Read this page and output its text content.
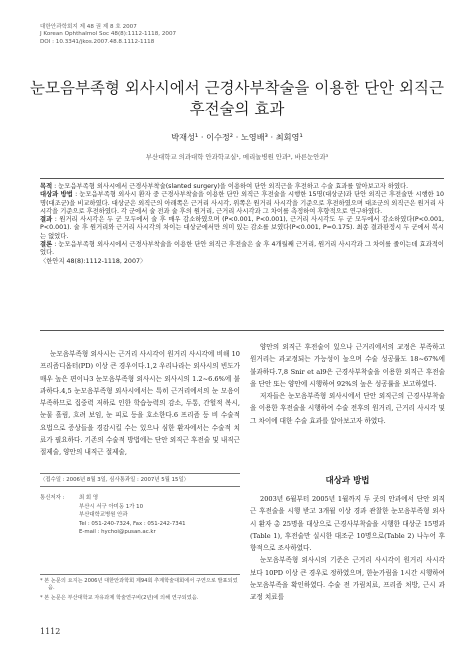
대한안과학회지 제 48 권 제 8 호 2007
J Korean Ophthalmol Soc 48(8):1112-1118, 2007
DOI : 10.3341/jkos.2007.48.8.1112-1118
눈모음부족형 외사시에서 근경사부착술을 이용한 단안 외직근
후전술의 효과
박재성¹ · 이수정² · 노영배³ · 최회영¹
부산대학교 의과대학 안과학교실¹, 메리놀병원 안과², 바른눈안과³

목적 : 눈모음부족형 외사시에서 근경사부착술(slanted surgery)을 이용하여 단안 외직근을 후전하고 수술 효과를 알아보고자 하였다.

대상과 방법 : 눈모음부족형 외사시 환자 중 근경사부착술을 이용한 단안 외직근 후전술을 시행한 15명(대상군)과 단안 외직근 후전술만 시행한 10명(대조군)을 비교하였다. 대상군은 외직근의 아래쪽은 근거리 사시각, 위쪽은 원거리 사시각을 기준으로 후전하였으며 대조군의 외직근은 원거리 사시각을 기준으로 후전하였다. 각 군에서 술 전과 술 후의 원거리, 근거리 사시각과 그 차이를 측정하여 후향적으로 연구하였다.

결과 : 원거리 사시각은 두 군 모두에서 술 후 매우 감소하였으며 (P<0.001, P<0.001), 근거리 사시각도 두 군 모두에서 감소하였다(P<0.001, P<0.001). 술 후 원거리와 근거리 사시각의 차이는 대상군에서만 의미 있는 감소를 보였다(P<0.001, P=0.175). 최종 결과판정시 두 군에서 복시는 없었다.

결론 : 눈모음부족형 외사시에서 근경사부착술을 이용한 단안 외직근 후전술은 술 후 4개월째 근거리, 원거리 사시각과 그 차이를 줄이는데 효과적이었다.

〈한안지 48(8):1112-1118, 2007〉

눈모음부족형 외사시는 근거리 사시각이 원거리 사시각에 비해 10프리즘디옵터(PD) 이상 큰 경우이다.1,2 우리나라는 외사시의 빈도가 매우 높은 편이나3 눈모음부족형 외사시는 외사시의 1.2~6.6%에 불과하다.4,5 눈모음부족형 외사시에서는 특히 근거리에서의 눈 모음이 부족하므로 집중력 저하로 인한 학습능력의 감소, 두통, 간헐적 복시, 눈물 흘림, 흐려 보임, 눈 피로 등을 호소한다.6 프리즘 등 비 수술적 요법으로 증상들을 경감시킬 수는 있으나 심한 환자에서는 수술적 치료가 필요하다. 기존의 수술적 방법에는 단안 외직근 후전술 및 내직근 절제술, 양안의 내직근 절제술,

양안의 외직근 후전술이 있으나 근거리에서의 교정은 부족하고 원거리는 과교정되는 가능성이 높으며 수술 성공률도 18~67%에 불과하다.7,8 Snir et al9은 근경사부착술을 이용한 외직근 후전술을 단안 또는 양안에 시행하여 92%의 높은 성공률을 보고하였다.

저자들은 눈모음부족형 외사시에서 단안 외직근의 근경사부착술을 이용한 후전술을 시행하여 수술 전후의 원거리, 근거리 사시각 및 그 차이에 대한 수술 효과를 알아보고자 하였다.

대상과 방법

2003년 6월부터 2005년 1월까지 두 곳의 안과에서 단안 외직근 후전술을 시행 받고 3개월 이상 경과 관찰한 눈모음부족형 외사시 환자 총 25명을 대상으로 근경사부착술을 시행한 대상군 15명과(Table 1), 후전술만 실시한 대조군 10명으로(Table 2) 나누어 후향적으로 조사하였다.

눈모음부족형 외사시의 기준은 근거리 사시각이 원거리 사시각 보다 10PD 이상 큰 경우로 정하였으며, 한눈가림을 1시간 시행하여 눈모음부족을 확인하였다. 수술 전 가림치료, 프리즘 처방, 근시 과교정 치료를

〈접수일 : 2006년 8월 3일, 심사통과일 : 2007년 5월 15일〉
통신저자 :	최 회 영
부산시 서구 아미동 1가 10
부산대학교병원 안과
Tel : 051-240-7324, Fax : 051-242-7341
E-mail : hychoi@pusan.ac.kr

* 본 논문의 요지는 2006년 대한안과학회 제94회 추계학술대회에서 구연으로 발표되었음.

* 본 논문은 부산대학교 자유과제 학술연구비(2년)에 의해 연구되었음.

1112
